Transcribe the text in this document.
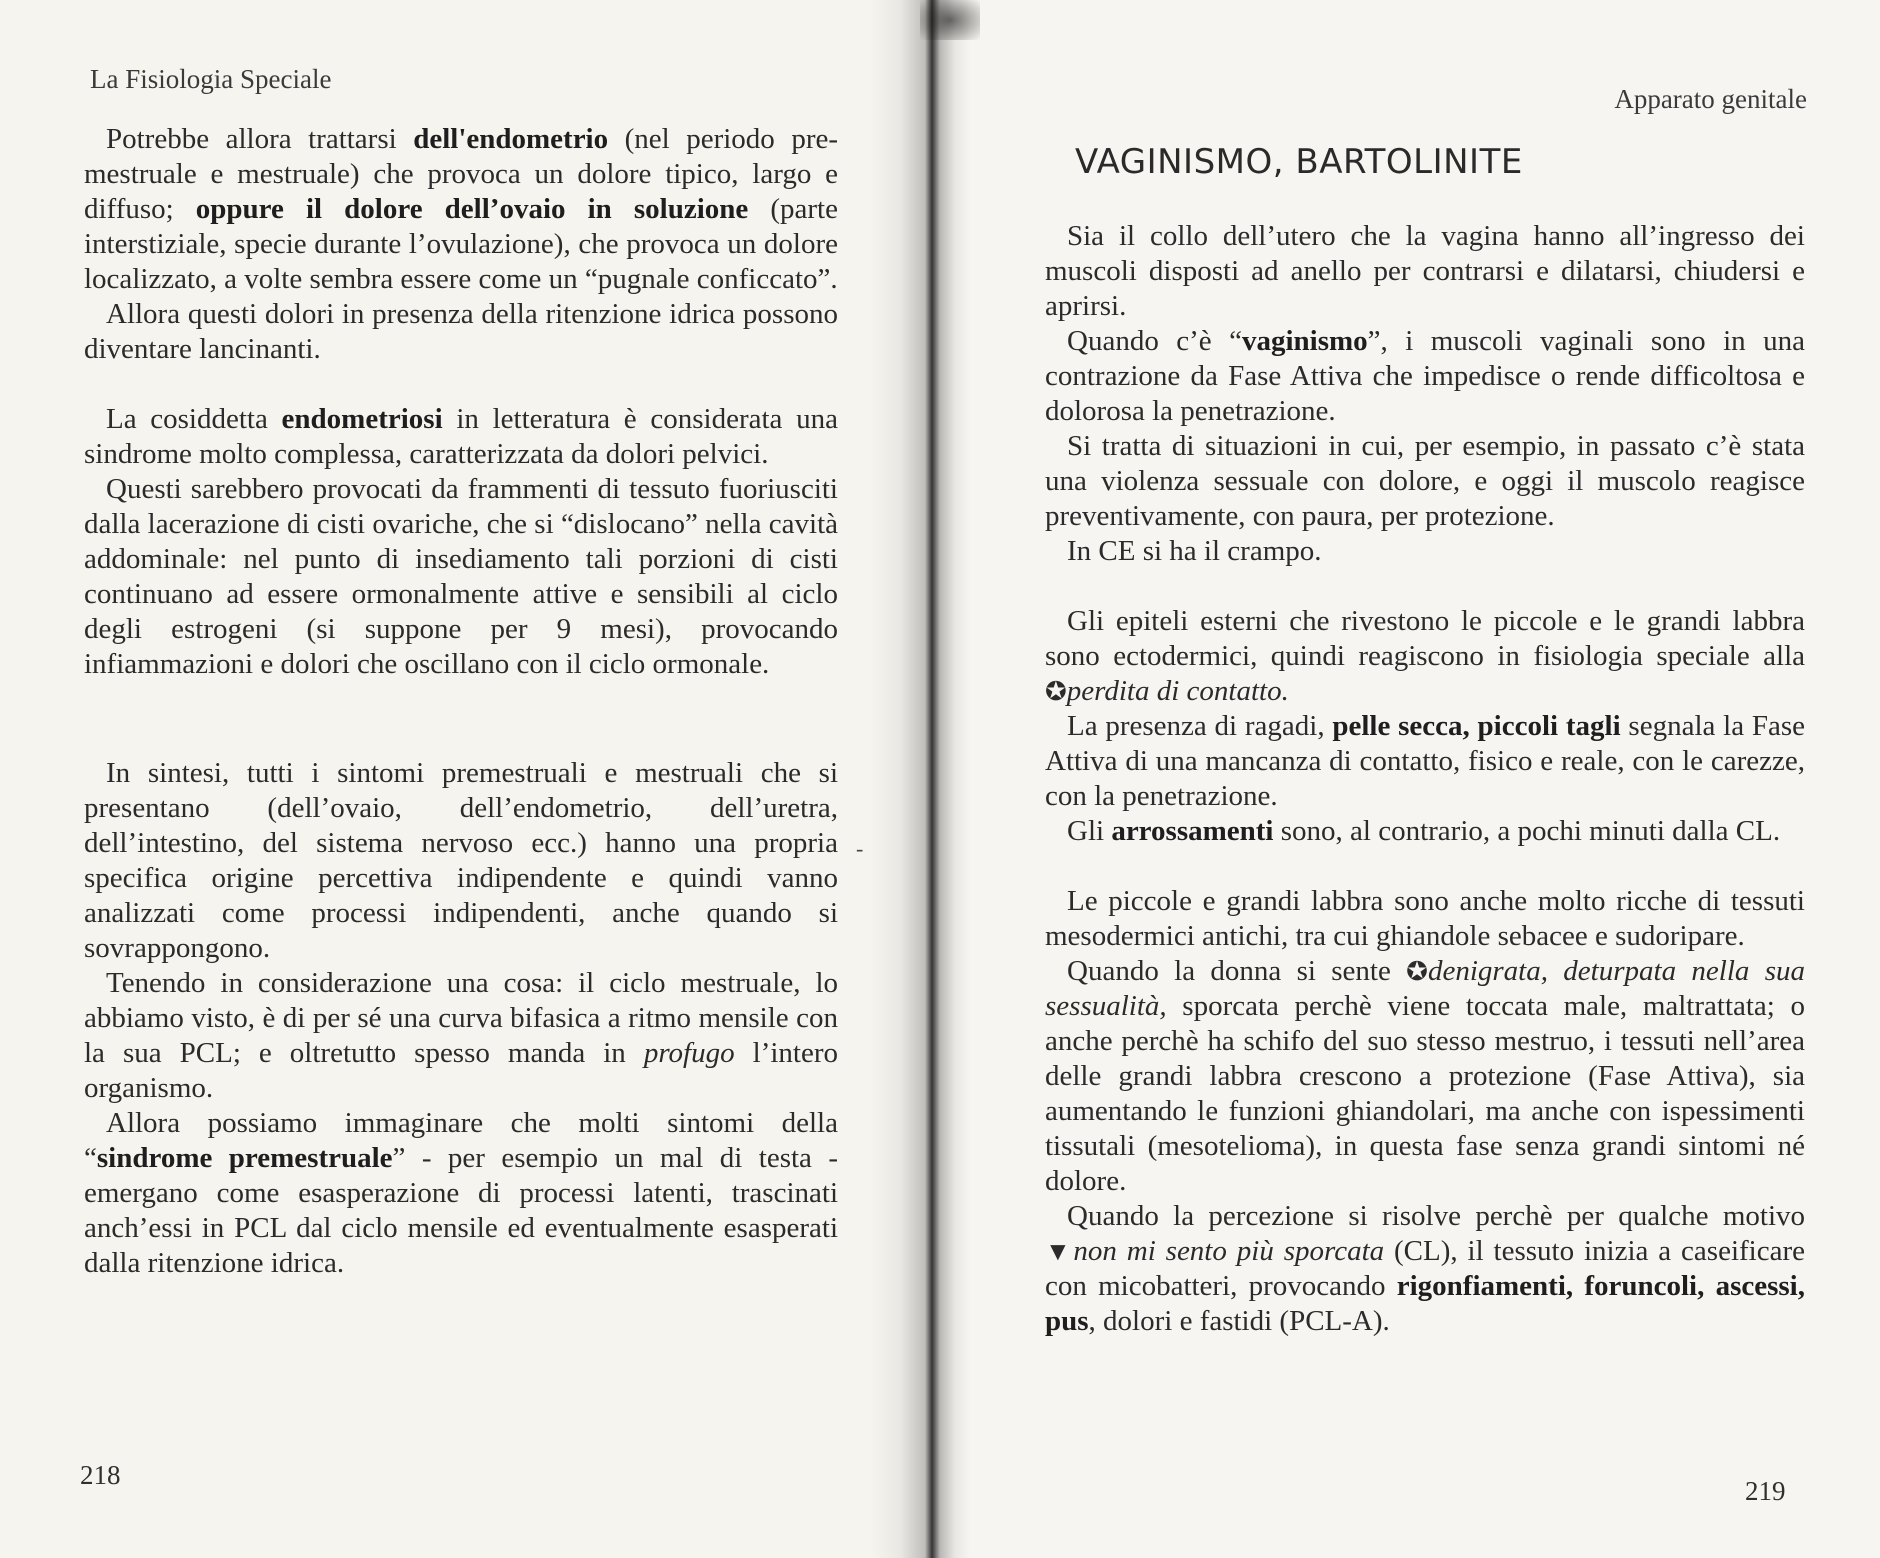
La Fisiologia Speciale

Potrebbe allora trattarsi dell'endometrio (nel periodo pre-mestruale e mestruale) che provoca un dolore tipico, largo e diffuso; oppure il dolore dell’ovaio in soluzione (parte interstiziale, specie durante l’ovulazione), che provoca un dolore localizzato, a volte sembra essere come un “pugnale conficcato”.

Allora questi dolori in presenza della ritenzione idrica possono diventare lancinanti.

La cosiddetta endometriosi in letteratura è considerata una sindrome molto complessa, caratterizzata da dolori pelvici.

Questi sarebbero provocati da frammenti di tessuto fuoriusciti dalla lacerazione di cisti ovariche, che si “dislocano” nella cavità addominale: nel punto di insediamento tali porzioni di cisti continuano ad essere ormonalmente attive e sensibili al ciclo degli estrogeni (si suppone per 9 mesi), provocando infiammazioni e dolori che oscillano con il ciclo ormonale.

In sintesi, tutti i sintomi premestruali e mestruali che si presentano (dell’ovaio, dell’endometrio, dell’uretra, dell’intestino, del sistema nervoso ecc.) hanno una propria specifica origine percettiva indipendente e quindi vanno analizzati come processi indipendenti, anche quando si sovrappongono.

Tenendo in considerazione una cosa: il ciclo mestruale, lo abbiamo visto, è di per sé una curva bifasica a ritmo mensile con la sua PCL; e oltretutto spesso manda in profugo l’intero organismo.

Allora possiamo immaginare che molti sintomi della “sindrome premestruale” - per esempio un mal di testa - emergano come esasperazione di processi latenti, trascinati anch’essi in PCL dal ciclo mensile ed eventualmente esasperati dalla ritenzione idrica.

-
218
Apparato genitale
VAGINISMO, BARTOLINITE

Sia il collo dell’utero che la vagina hanno all’ingresso dei muscoli disposti ad anello per contrarsi e dilatarsi, chiudersi e aprirsi.

Quando c’è “vaginismo”, i muscoli vaginali sono in una contrazione da Fase Attiva che impedisce o rende difficoltosa e dolorosa la penetrazione.

Si tratta di situazioni in cui, per esempio, in passato c’è stata una violenza sessuale con dolore, e oggi il muscolo reagisce preventivamente, con paura, per protezione.

In CE si ha il crampo.

Gli epiteli esterni che rivestono le piccole e le grandi labbra sono ectodermici, quindi reagiscono in fisiologia speciale alla ✪perdita di contatto.

La presenza di ragadi, pelle secca, piccoli tagli segnala la Fase Attiva di una mancanza di contatto, fisico e reale, con le carezze, con la penetrazione.

Gli arrossamenti sono, al contrario, a pochi minuti dalla CL.

Le piccole e grandi labbra sono anche molto ricche di tessuti mesodermici antichi, tra cui ghiandole sebacee e sudoripare.

Quando la donna si sente ✪denigrata, deturpata nella sua sessualità, sporcata perchè viene toccata male, maltrattata; o anche perchè ha schifo del suo stesso mestruo, i tessuti nell’area delle grandi labbra crescono a protezione (Fase Attiva), sia aumentando le funzioni ghiandolari, ma anche con ispessimenti tissutali (mesotelioma), in questa fase senza grandi sintomi né dolore.

Quando la percezione si risolve perchè per qualche motivo ▼non mi sento più sporcata (CL), il tessuto inizia a caseificare con micobatteri, provocando rigonfiamenti, foruncoli, ascessi, pus, dolori e fastidi (PCL-A).

219
